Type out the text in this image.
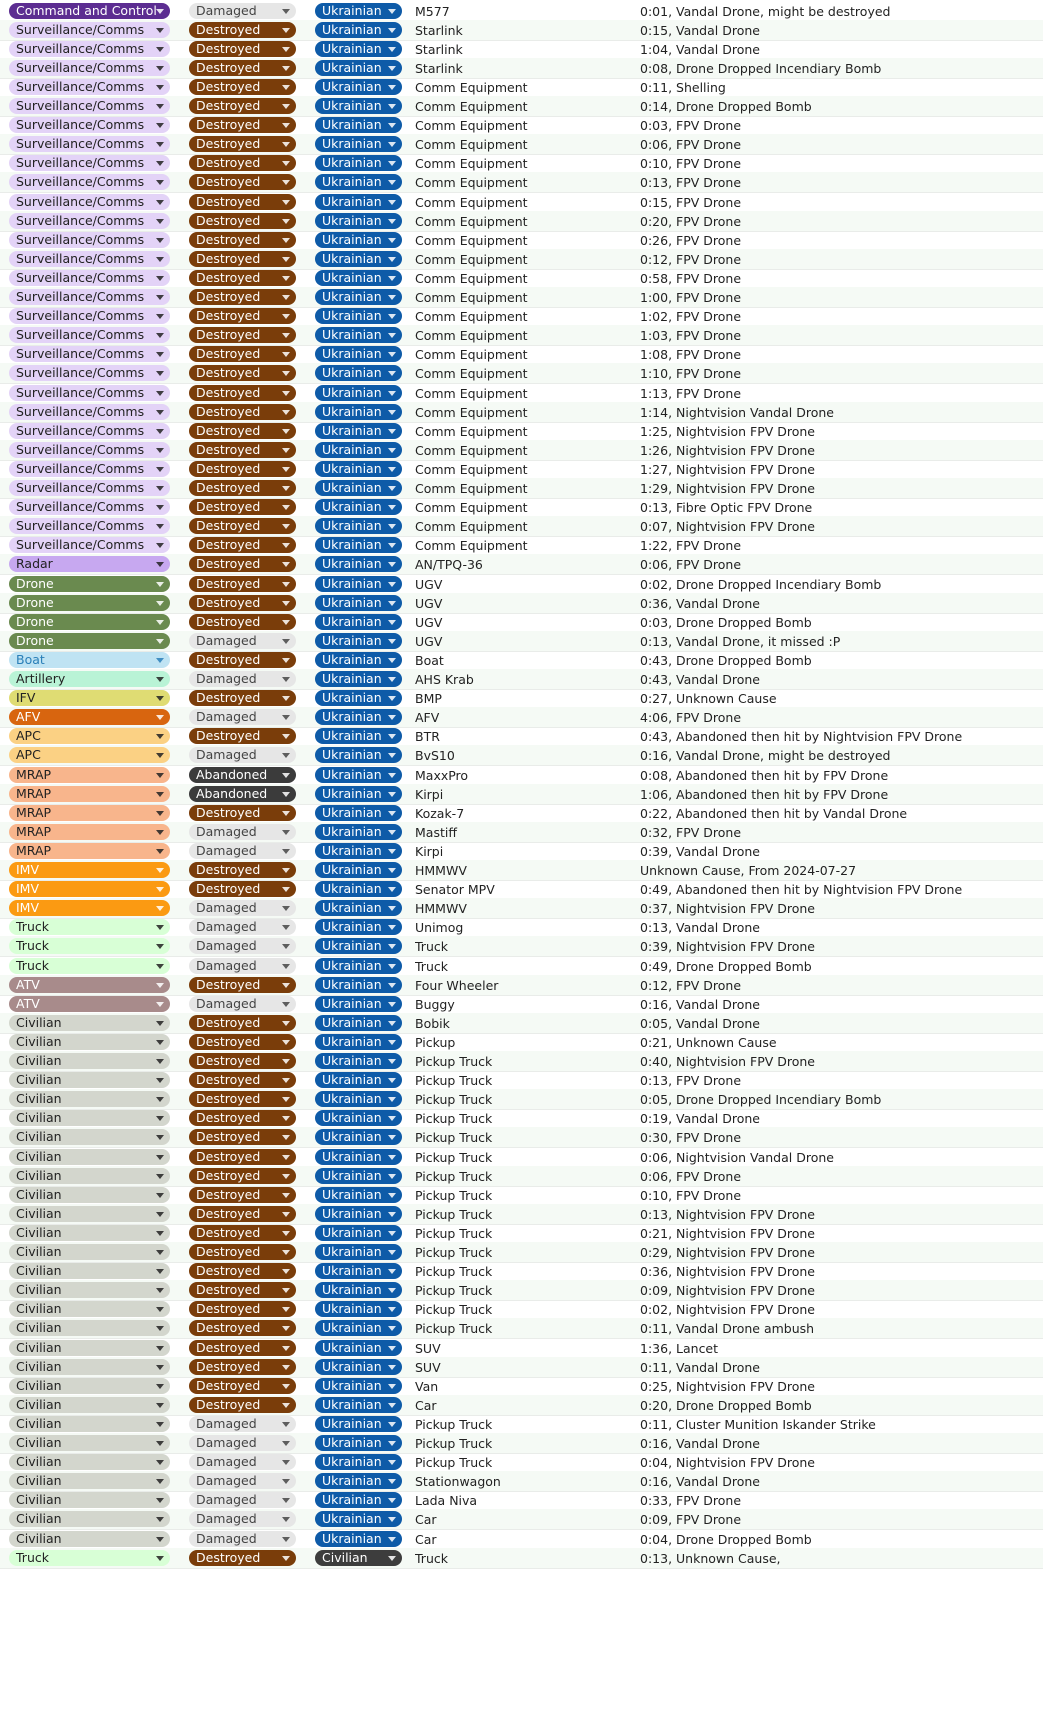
Command and Control	Damaged	Ukrainian	M577	0:01, Vandal Drone, might be destroyed
Surveillance/Comms	Destroyed	Ukrainian	Starlink	0:15, Vandal Drone
Surveillance/Comms	Destroyed	Ukrainian	Starlink	1:04, Vandal Drone
Surveillance/Comms	Destroyed	Ukrainian	Starlink	0:08, Drone Dropped Incendiary Bomb
Surveillance/Comms	Destroyed	Ukrainian	Comm Equipment	0:11, Shelling
Surveillance/Comms	Destroyed	Ukrainian	Comm Equipment	0:14, Drone Dropped Bomb
Surveillance/Comms	Destroyed	Ukrainian	Comm Equipment	0:03, FPV Drone
Surveillance/Comms	Destroyed	Ukrainian	Comm Equipment	0:06, FPV Drone
Surveillance/Comms	Destroyed	Ukrainian	Comm Equipment	0:10, FPV Drone
Surveillance/Comms	Destroyed	Ukrainian	Comm Equipment	0:13, FPV Drone
Surveillance/Comms	Destroyed	Ukrainian	Comm Equipment	0:15, FPV Drone
Surveillance/Comms	Destroyed	Ukrainian	Comm Equipment	0:20, FPV Drone
Surveillance/Comms	Destroyed	Ukrainian	Comm Equipment	0:26, FPV Drone
Surveillance/Comms	Destroyed	Ukrainian	Comm Equipment	0:12, FPV Drone
Surveillance/Comms	Destroyed	Ukrainian	Comm Equipment	0:58, FPV Drone
Surveillance/Comms	Destroyed	Ukrainian	Comm Equipment	1:00, FPV Drone
Surveillance/Comms	Destroyed	Ukrainian	Comm Equipment	1:02, FPV Drone
Surveillance/Comms	Destroyed	Ukrainian	Comm Equipment	1:03, FPV Drone
Surveillance/Comms	Destroyed	Ukrainian	Comm Equipment	1:08, FPV Drone
Surveillance/Comms	Destroyed	Ukrainian	Comm Equipment	1:10, FPV Drone
Surveillance/Comms	Destroyed	Ukrainian	Comm Equipment	1:13, FPV Drone
Surveillance/Comms	Destroyed	Ukrainian	Comm Equipment	1:14, Nightvision Vandal Drone
Surveillance/Comms	Destroyed	Ukrainian	Comm Equipment	1:25, Nightvision FPV Drone
Surveillance/Comms	Destroyed	Ukrainian	Comm Equipment	1:26, Nightvision FPV Drone
Surveillance/Comms	Destroyed	Ukrainian	Comm Equipment	1:27, Nightvision FPV Drone
Surveillance/Comms	Destroyed	Ukrainian	Comm Equipment	1:29, Nightvision FPV Drone
Surveillance/Comms	Destroyed	Ukrainian	Comm Equipment	0:13, Fibre Optic FPV Drone
Surveillance/Comms	Destroyed	Ukrainian	Comm Equipment	0:07, Nightvision FPV Drone
Surveillance/Comms	Destroyed	Ukrainian	Comm Equipment	1:22, FPV Drone
Radar	Destroyed	Ukrainian	AN/TPQ-36	0:06, FPV Drone
Drone	Destroyed	Ukrainian	UGV	0:02, Drone Dropped Incendiary Bomb
Drone	Destroyed	Ukrainian	UGV	0:36, Vandal Drone
Drone	Destroyed	Ukrainian	UGV	0:03, Drone Dropped Bomb
Drone	Damaged	Ukrainian	UGV	0:13, Vandal Drone, it missed :P
Boat	Destroyed	Ukrainian	Boat	0:43, Drone Dropped Bomb
Artillery	Damaged	Ukrainian	AHS Krab	0:43, Vandal Drone
IFV	Destroyed	Ukrainian	BMP	0:27, Unknown Cause
AFV	Damaged	Ukrainian	AFV	4:06, FPV Drone
APC	Destroyed	Ukrainian	BTR	0:43, Abandoned then hit by Nightvision FPV Drone
APC	Damaged	Ukrainian	BvS10	0:16, Vandal Drone, might be destroyed
MRAP	Abandoned	Ukrainian	MaxxPro	0:08, Abandoned then hit by FPV Drone
MRAP	Abandoned	Ukrainian	Kirpi	1:06, Abandoned then hit by FPV Drone
MRAP	Destroyed	Ukrainian	Kozak-7	0:22, Abandoned then hit by Vandal Drone
MRAP	Damaged	Ukrainian	Mastiff	0:32, FPV Drone
MRAP	Damaged	Ukrainian	Kirpi	0:39, Vandal Drone
IMV	Destroyed	Ukrainian	HMMWV	Unknown Cause, From 2024-07-27
IMV	Destroyed	Ukrainian	Senator MPV	0:49, Abandoned then hit by Nightvision FPV Drone
IMV	Damaged	Ukrainian	HMMWV	0:37, Nightvision FPV Drone
Truck	Damaged	Ukrainian	Unimog	0:13, Vandal Drone
Truck	Damaged	Ukrainian	Truck	0:39, Nightvision FPV Drone
Truck	Damaged	Ukrainian	Truck	0:49, Drone Dropped Bomb
ATV	Destroyed	Ukrainian	Four Wheeler	0:12, FPV Drone
ATV	Damaged	Ukrainian	Buggy	0:16, Vandal Drone
Civilian	Destroyed	Ukrainian	Bobik	0:05, Vandal Drone
Civilian	Destroyed	Ukrainian	Pickup	0:21, Unknown Cause
Civilian	Destroyed	Ukrainian	Pickup Truck	0:40, Nightvision FPV Drone
Civilian	Destroyed	Ukrainian	Pickup Truck	0:13, FPV Drone
Civilian	Destroyed	Ukrainian	Pickup Truck	0:05, Drone Dropped Incendiary Bomb
Civilian	Destroyed	Ukrainian	Pickup Truck	0:19, Vandal Drone
Civilian	Destroyed	Ukrainian	Pickup Truck	0:30, FPV Drone
Civilian	Destroyed	Ukrainian	Pickup Truck	0:06, Nightvision Vandal Drone
Civilian	Destroyed	Ukrainian	Pickup Truck	0:06, FPV Drone
Civilian	Destroyed	Ukrainian	Pickup Truck	0:10, FPV Drone
Civilian	Destroyed	Ukrainian	Pickup Truck	0:13, Nightvision FPV Drone
Civilian	Destroyed	Ukrainian	Pickup Truck	0:21, Nightvision FPV Drone
Civilian	Destroyed	Ukrainian	Pickup Truck	0:29, Nightvision FPV Drone
Civilian	Destroyed	Ukrainian	Pickup Truck	0:36, Nightvision FPV Drone
Civilian	Destroyed	Ukrainian	Pickup Truck	0:09, Nightvision FPV Drone
Civilian	Destroyed	Ukrainian	Pickup Truck	0:02, Nightvision FPV Drone
Civilian	Destroyed	Ukrainian	Pickup Truck	0:11, Vandal Drone ambush
Civilian	Destroyed	Ukrainian	SUV	1:36, Lancet
Civilian	Destroyed	Ukrainian	SUV	0:11, Vandal Drone
Civilian	Destroyed	Ukrainian	Van	0:25, Nightvision FPV Drone
Civilian	Destroyed	Ukrainian	Car	0:20, Drone Dropped Bomb
Civilian	Damaged	Ukrainian	Pickup Truck	0:11, Cluster Munition Iskander Strike
Civilian	Damaged	Ukrainian	Pickup Truck	0:16, Vandal Drone
Civilian	Damaged	Ukrainian	Pickup Truck	0:04, Nightvision FPV Drone
Civilian	Damaged	Ukrainian	Stationwagon	0:16, Vandal Drone
Civilian	Damaged	Ukrainian	Lada Niva	0:33, FPV Drone
Civilian	Damaged	Ukrainian	Car	0:09, FPV Drone
Civilian	Damaged	Ukrainian	Car	0:04, Drone Dropped Bomb
Truck	Destroyed	Civilian	Truck	0:13, Unknown Cause,
